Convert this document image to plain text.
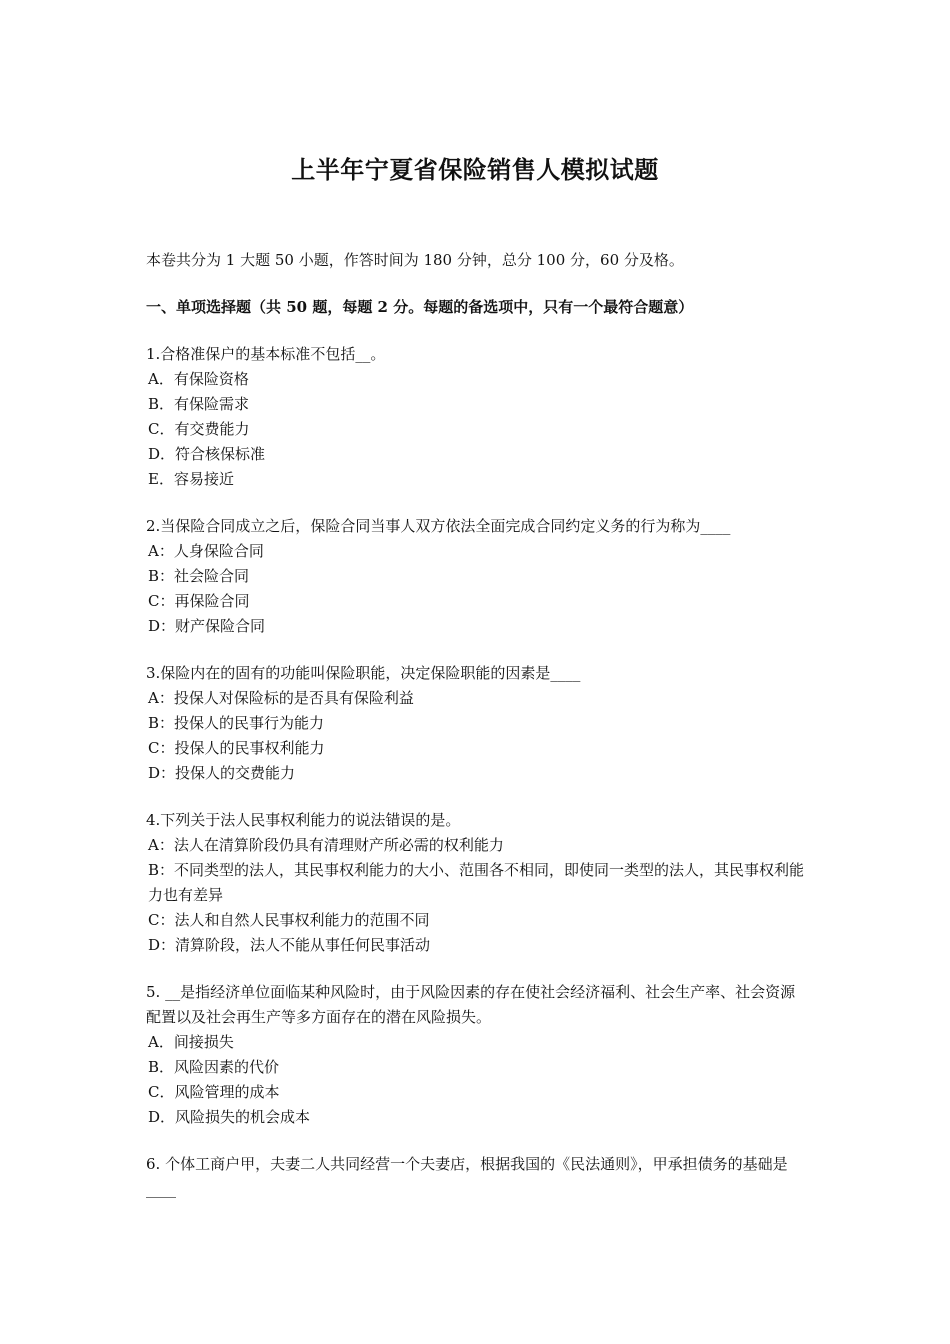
上半年宁夏省保险销售人模拟试题

本卷共分为 1 大题 50 小题，作答时间为 180 分钟，总分 100 分，60 分及格。

一、单项选择题（共 50 题，每题 2 分。每题的备选项中，只有一个最符合题意）

1.合格准保户的基本标准不包括__。

A．有保险资格

B．有保险需求

C．有交费能力

D．符合核保标准

E．容易接近

2.当保险合同成立之后，保险合同当事人双方依法全面完成合同约定义务的行为称为____

A：人身保险合同

B：社会险合同

C：再保险合同

D：财产保险合同

3.保险内在的固有的功能叫保险职能，决定保险职能的因素是____

A：投保人对保险标的是否具有保险利益

B：投保人的民事行为能力

C：投保人的民事权利能力

D：投保人的交费能力

4.下列关于法人民事权利能力的说法错误的是。

A：法人在清算阶段仍具有清理财产所必需的权利能力

B：不同类型的法人，其民事权利能力的大小、范围各不相同，即使同一类型的法人，其民事权利能力也有差异

C：法人和自然人民事权利能力的范围不同

D：清算阶段，法人不能从事任何民事活动

5. __是指经济单位面临某种风险时，由于风险因素的存在使社会经济福利、社会生产率、社会资源配置以及社会再生产等多方面存在的潜在风险损失。

A．间接损失

B．风险因素的代价

C．风险管理的成本

D．风险损失的机会成本

6. 个体工商户甲，夫妻二人共同经营一个夫妻店，根据我国的《民法通则》，甲承担债务的基础是____
